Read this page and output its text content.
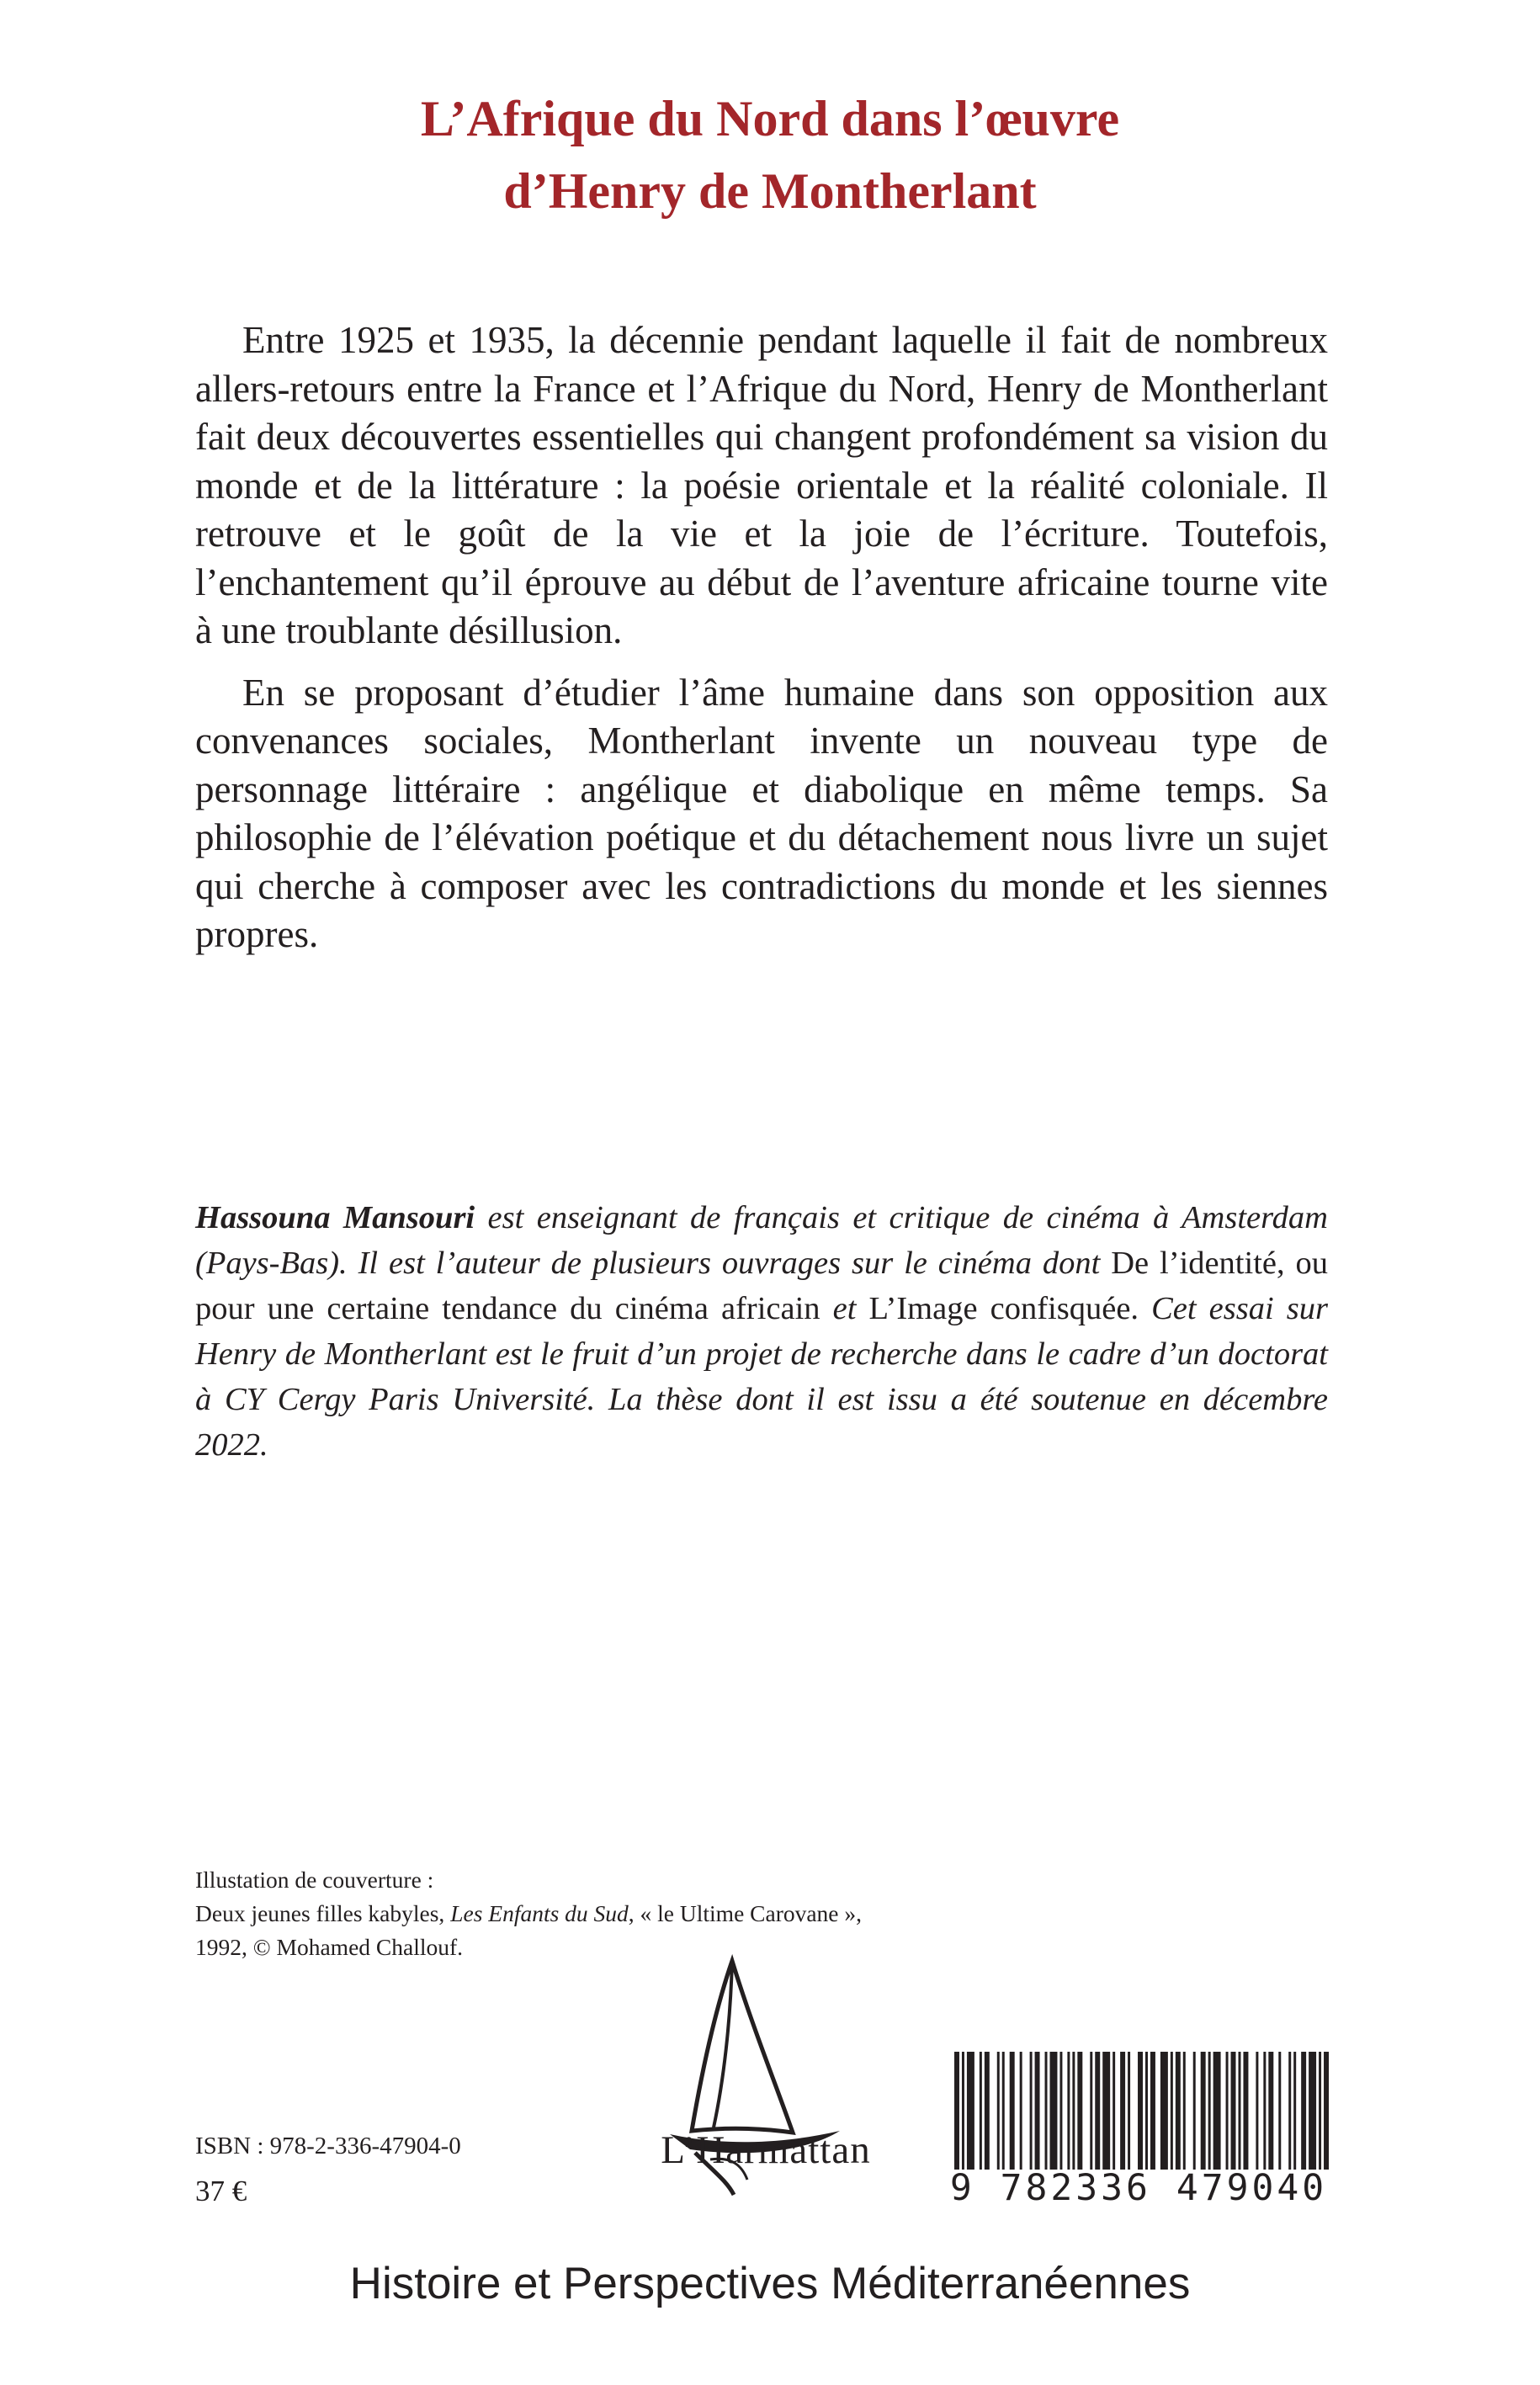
L’Afrique du Nord dans l’œuvre
d’Henry de Montherlant

Entre 1925 et 1935, la décennie pendant laquelle il fait de nombreux allers-retours entre la France et l’Afrique du Nord, Henry de Montherlant fait deux découvertes essentielles qui changent profondément sa vision du monde et de la littérature : la poésie orientale et la réalité coloniale. Il retrouve et le goût de la vie et la joie de l’écriture. Toutefois, l’enchantement qu’il éprouve au début de l’aventure africaine tourne vite à une troublante désillusion.

En se proposant d’étudier l’âme humaine dans son opposition aux convenances sociales, Montherlant invente un nouveau type de personnage littéraire : angélique et diabolique en même temps. Sa philosophie de l’élévation poétique et du détachement nous livre un sujet qui cherche à composer avec les contradictions du monde et les siennes propres.

Hassouna Mansouri est enseignant de français et critique de cinéma à Amsterdam (Pays-Bas). Il est l’auteur de plusieurs ouvrages sur le cinéma dont De l’identité, ou pour une certaine tendance du cinéma africain et L’Image confisquée. Cet essai sur Henry de Montherlant est le fruit d’un projet de recherche dans le cadre d’un doctorat à CY Cergy Paris Université. La thèse dont il est issu a été soutenue en décembre 2022.
Illustation de couverture :
Deux jeunes filles kabyles, Les Enfants du Sud, « le Ultime Carovane »,
1992, © Mohamed Challouf.
ISBN : 978-2-336-47904-0
37 €
L’Harmattan
9 782336 479040
Histoire et Perspectives Méditerranéennes
